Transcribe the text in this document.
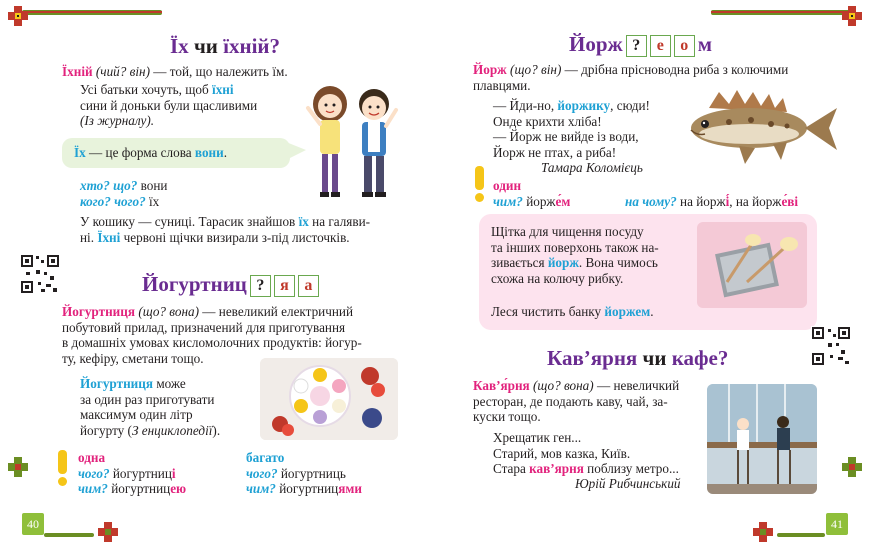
40
Їх чи їхній?
Їхній (чий? він) — той, що належить їм.
Усі батьки хочуть, щоб їхні
сини й доньки були щасливими
(Із журналу).
Їх — це форма слова вони.
хто? що? вони
кого? чого? їх
У кошику — суниці. Тарасик знайшов їх на галяви-
ні. Їхні червоні щічки визирали з-під листочків.
Йогуртниц ? я а
Йогуртниця (що? вона) — невеликий електричний
побутовий прилад, призначений для приготування
в домашніх умовах кисломолочних продуктів: йогур-
ту, кефіру, сметани тощо.
Йогуртниця може
за один раз приготувати
максимум один літр
йогурту (З енциклопедії).
одна
чого? йогуртниці
чим? йогуртницею
багато
чого? йогуртниць
чим? йогуртницями
41
Йорж ? е о м
Йорж (що? він) — дрібна прісноводна риба з колючими
плавцями.
— Йди-но, йоржику, сюди!
Онде крихти хліба!
— Йорж не вийде із води,
Йорж не птах, а риба!
Тамара Коломієць
один
чим? йорже́м	на чому? на йоржі́, на йорже́ві
Щітка для чищення посуду
та інших поверхонь також на-
зивається йорж. Вона чимось
схожа на колючу рибку.
Леся чистить банку йоржем.
Кав’ярня чи кафе?
Кав’я́рня (що? вона) — невеличкий
ресторан, де подають каву, чай, за-
куски тощо.
Хрещатик ген...
Старий, мов казка, Київ.
Стара кав’ярня поблизу метро...
Юрій Рибчинський
